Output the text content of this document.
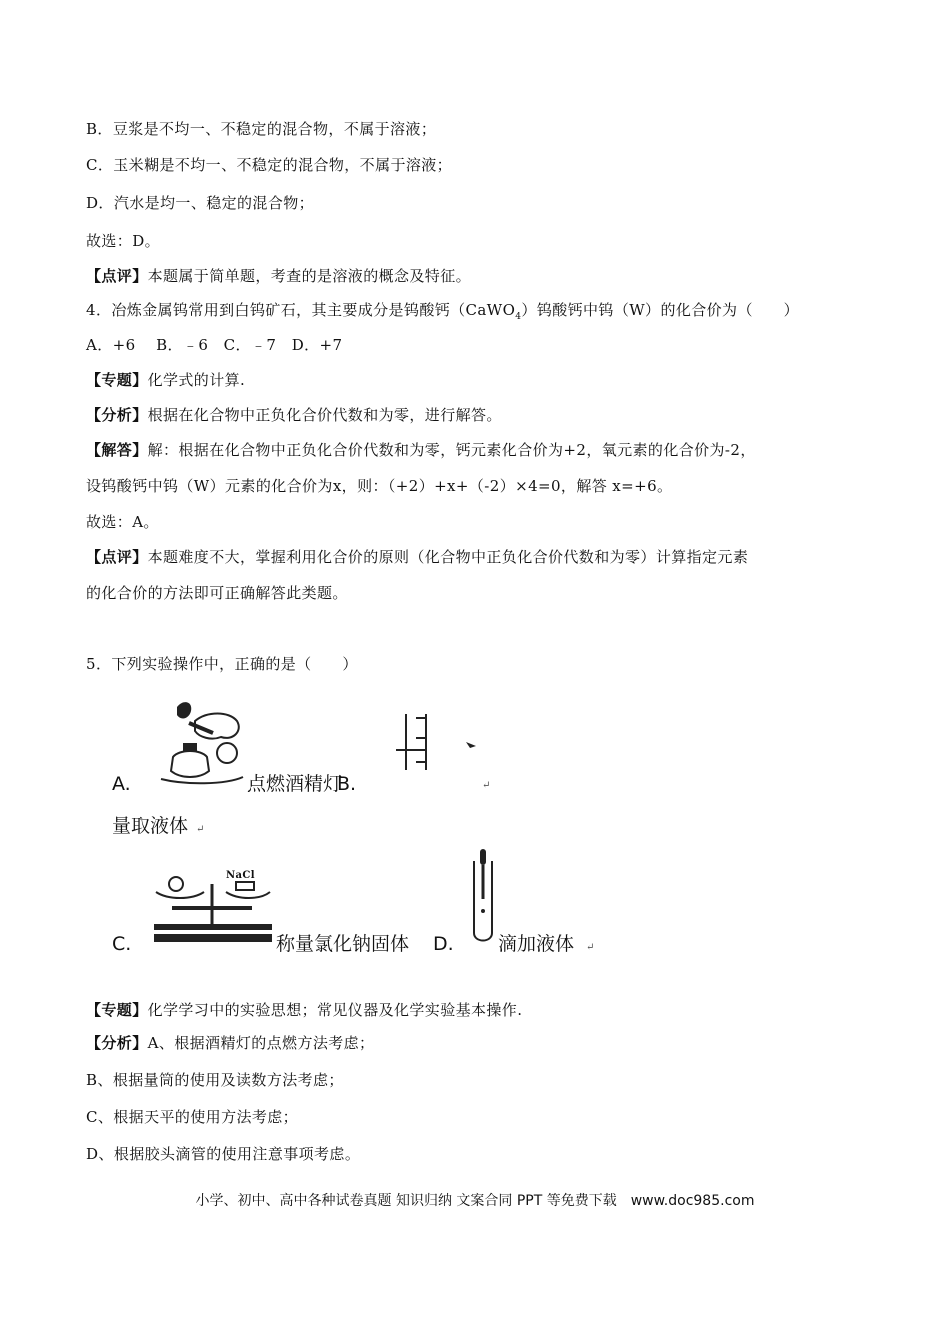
B．豆浆是不均一、不稳定的混合物，不属于溶液；
C．玉米糊是不均一、不稳定的混合物，不属于溶液；
D．汽水是均一、稳定的混合物；
故选：D。
【点评】本题属于简单题，考查的是溶液的概念及特征。
4．冶炼金属钨常用到白钨矿石，其主要成分是钨酸钙（CaWO$_4$）钨酸钙中钨（W）的化合价为（　　）
A．+6　 B．﹣6　C．﹣7　D．+7
【专题】化学式的计算.
【分析】根据在化合物中正负化合价代数和为零，进行解答。
【解答】解：根据在化合物中正负化合价代数和为零，钙元素化合价为+2，氧元素的化合价为-2，
设钨酸钙中钨（W）元素的化合价为x，则：（+2）+x+（-2）×4=0，解答 x=+6。
故选：A。
【点评】本题难度不大，掌握利用化合价的原则（化合物中正负化合价代数和为零）计算指定元素
的化合价的方法即可正确解答此类题。
5．下列实验操作中，正确的是（　　）
A.	点燃酒精灯
B.	↵
量取液体 ↵
NaCl
C.	称量氯化钠固体 D. 滴加液体 ↵
【专题】化学学习中的实验思想；常见仪器及化学实验基本操作.
【分析】A、根据酒精灯的点燃方法考虑；
B、根据量筒的使用及读数方法考虑；
C、根据天平的使用方法考虑；
D、根据胶头滴管的使用注意事项考虑。
小学、初中、高中各种试卷真题 知识归纳 文案合同 PPT 等免费下载　www.doc985.com
